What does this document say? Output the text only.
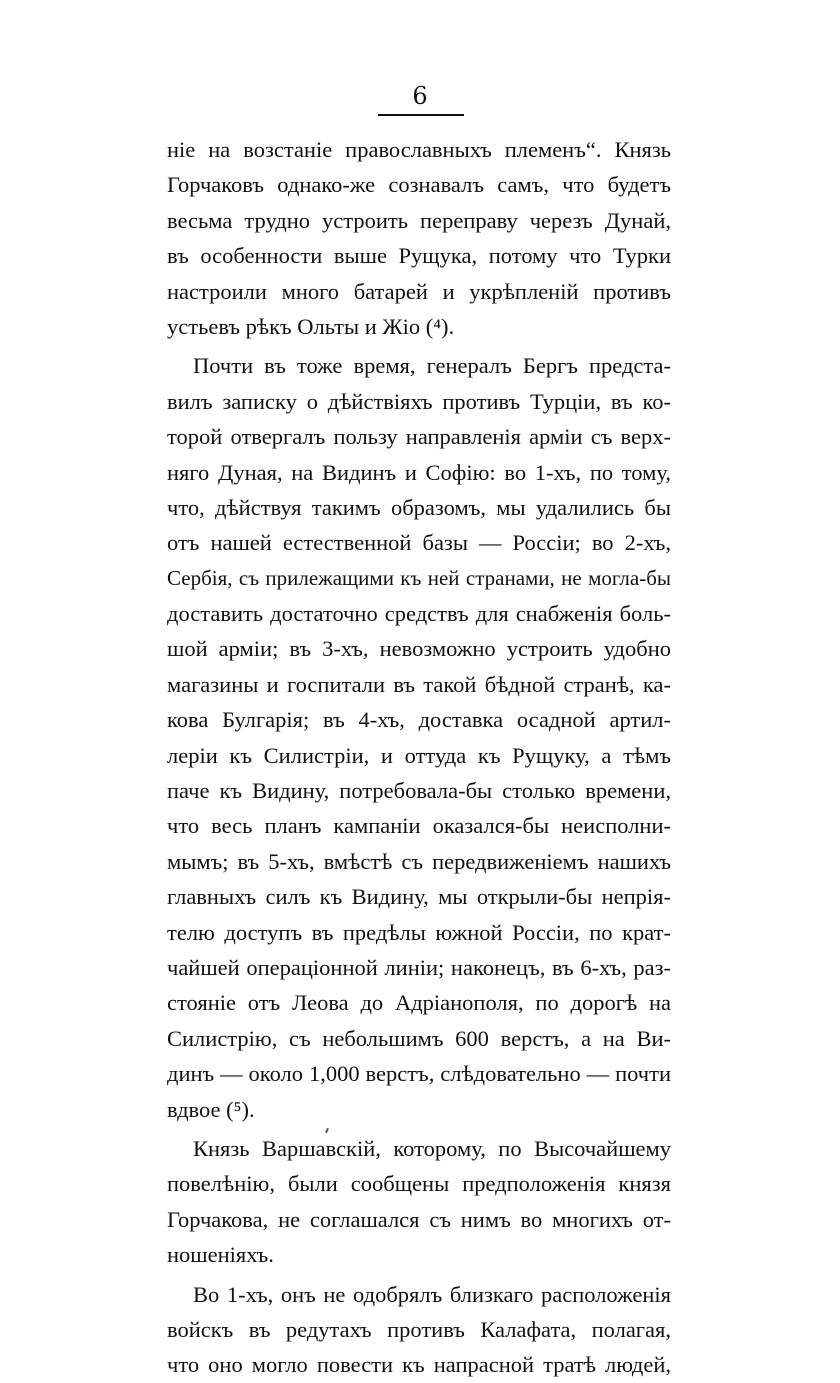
6
ніе на возстаніе православныхъ племенъ“. Князь
Горчаковъ однако-же сознавалъ самъ, что будетъ
весьма трудно устроить переправу черезъ Дунай,
въ особенности выше Рущука, потому что Турки
настроили много батарей и укрѣпленій противъ
устьевъ рѣкъ Ольты и Жіо (⁴).
Почти въ тоже время, генералъ Бергъ предста-
вилъ записку о дѣйствіяхъ противъ Турціи, въ ко-
торой отвергалъ пользу направленія арміи съ верх-
няго Дуная, на Видинъ и Софію: во 1-хъ, по тому,
что, дѣйствуя такимъ образомъ, мы удалились бы
отъ нашей естественной базы — Россіи; во 2-хъ,
Сербія, съ прилежащими къ ней странами, не могла-бы
доставить достаточно средствъ для снабженія боль-
шой арміи; въ 3-хъ, невозможно устроить удобно
магазины и госпитали въ такой бѣдной странѣ, ка-
кова Булгарія; въ 4-хъ, доставка осадной артил-
леріи къ Силистріи, и оттуда къ Рущуку, а тѣмъ
паче къ Видину, потребовала-бы столько времени,
что весь планъ кампаніи оказался-бы неисполни-
мымъ; въ 5-хъ, вмѣстѣ съ передвиженіемъ нашихъ
главныхъ силъ къ Видину, мы открыли-бы непрія-
телю доступъ въ предѣлы южной Россіи, по крат-
чайшей операціонной линіи; наконецъ, въ 6-хъ, раз-
стояніе отъ Леова до Адріанополя, по дорогѣ на
Силистрію, съ небольшимъ 600 верстъ, а на Ви-
динъ — около 1,000 верстъ, слѣдовательно — почти
вдвое (⁵).
Князь Варшавскій, которому, по Высочайшему
повелѣнію, были сообщены предположенія князя
Горчакова, не соглашался съ нимъ во многихъ от-
ношеніяхъ.
Во 1-хъ, онъ не одобрялъ близкаго расположенія
войскъ въ редутахъ противъ Калафата, полагая,
что оно могло повести къ напрасной тратѣ людей,
